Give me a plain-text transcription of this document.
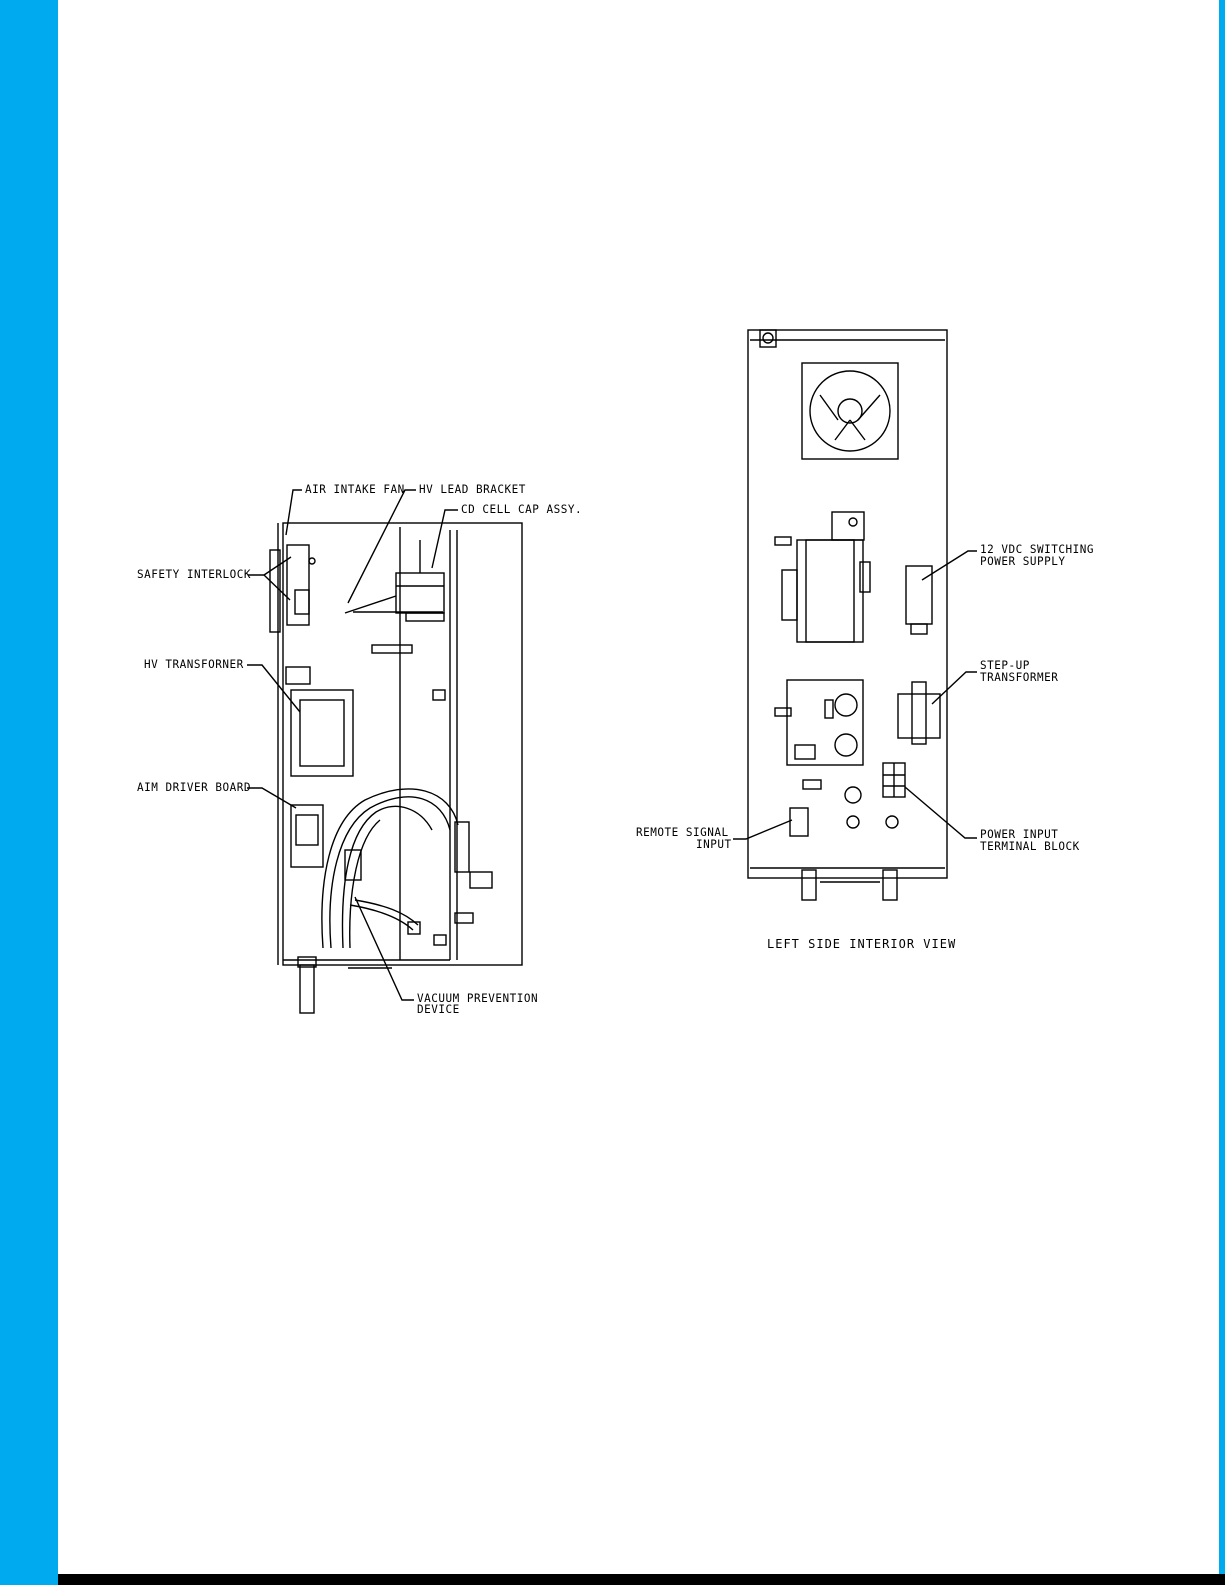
AIR INTAKE FAN HV LEAD BRACKET
CD CELL CAP ASSY.
SAFETY INTERLOCK
HV TRANSFORNER
AIM DRIVER BOARD
VACUUM PREVENTION
DEVICE
12 VDC SWITCHING
POWER SUPPLY
STEP-UP
TRANSFORMER
REMOTE SIGNAL
INPUT
POWER INPUT
TERMINAL BLOCK
LEFT SIDE INTERIOR VIEW
